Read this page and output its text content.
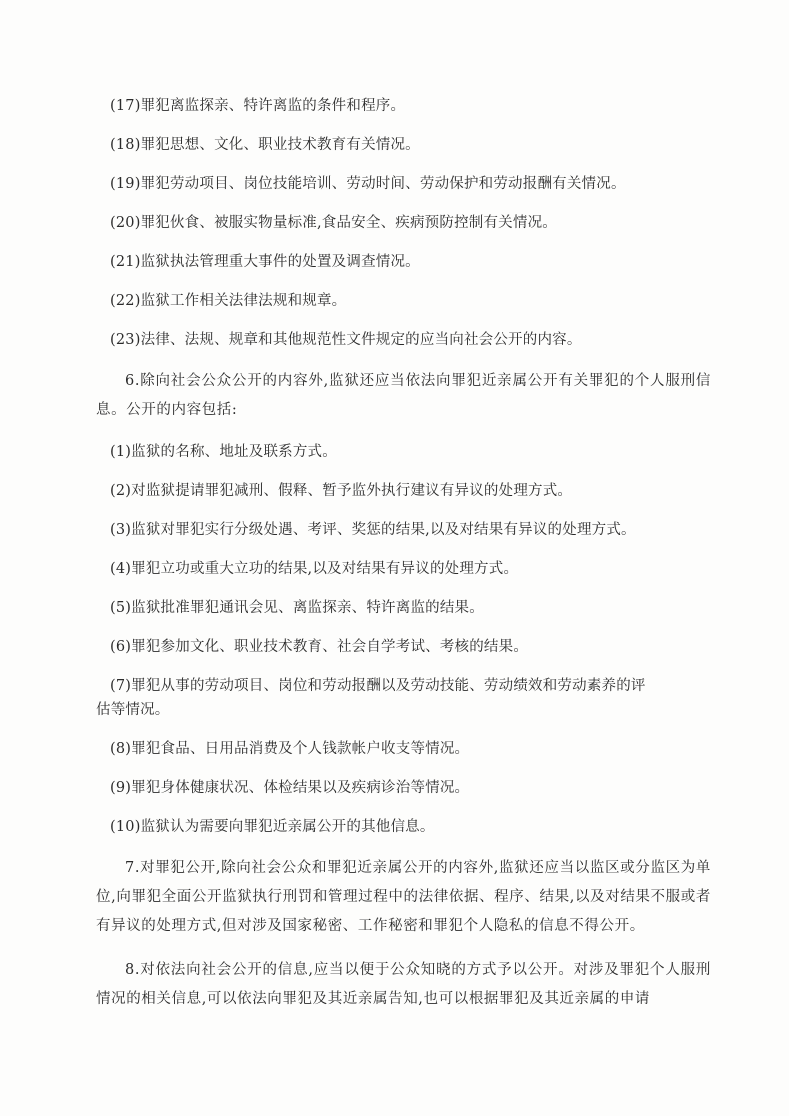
(17)罪犯离监探亲、特许离监的条件和程序。

(18)罪犯思想、文化、职业技术教育有关情况。

(19)罪犯劳动项目、岗位技能培训、劳动时间、劳动保护和劳动报酬有关情况。

(20)罪犯伙食、被服实物量标准,食品安全、疾病预防控制有关情况。

(21)监狱执法管理重大事件的处置及调查情况。

(22)监狱工作相关法律法规和规章。

(23)法律、法规、规章和其他规范性文件规定的应当向社会公开的内容。

6.除向社会公众公开的内容外,监狱还应当依法向罪犯近亲属公开有关罪犯的个人服刑信息。公开的内容包括:

(1)监狱的名称、地址及联系方式。

(2)对监狱提请罪犯减刑、假释、暂予监外执行建议有异议的处理方式。

(3)监狱对罪犯实行分级处遇、考评、奖惩的结果,以及对结果有异议的处理方式。

(4)罪犯立功或重大立功的结果,以及对结果有异议的处理方式。

(5)监狱批准罪犯通讯会见、离监探亲、特许离监的结果。

(6)罪犯参加文化、职业技术教育、社会自学考试、考核的结果。

(7)罪犯从事的劳动项目、岗位和劳动报酬以及劳动技能、劳动绩效和劳动素养的评

估等情况。

(8)罪犯食品、日用品消费及个人钱款帐户收支等情况。

(9)罪犯身体健康状况、体检结果以及疾病诊治等情况。

(10)监狱认为需要向罪犯近亲属公开的其他信息。

7.对罪犯公开,除向社会公众和罪犯近亲属公开的内容外,监狱还应当以监区或分监区为单位,向罪犯全面公开监狱执行刑罚和管理过程中的法律依据、程序、结果,以及对结果不服或者有异议的处理方式,但对涉及国家秘密、工作秘密和罪犯个人隐私的信息不得公开。

8.对依法向社会公开的信息,应当以便于公众知晓的方式予以公开。对涉及罪犯个人服刑情况的相关信息,可以依法向罪犯及其近亲属告知,也可以根据罪犯及其近亲属的申请
